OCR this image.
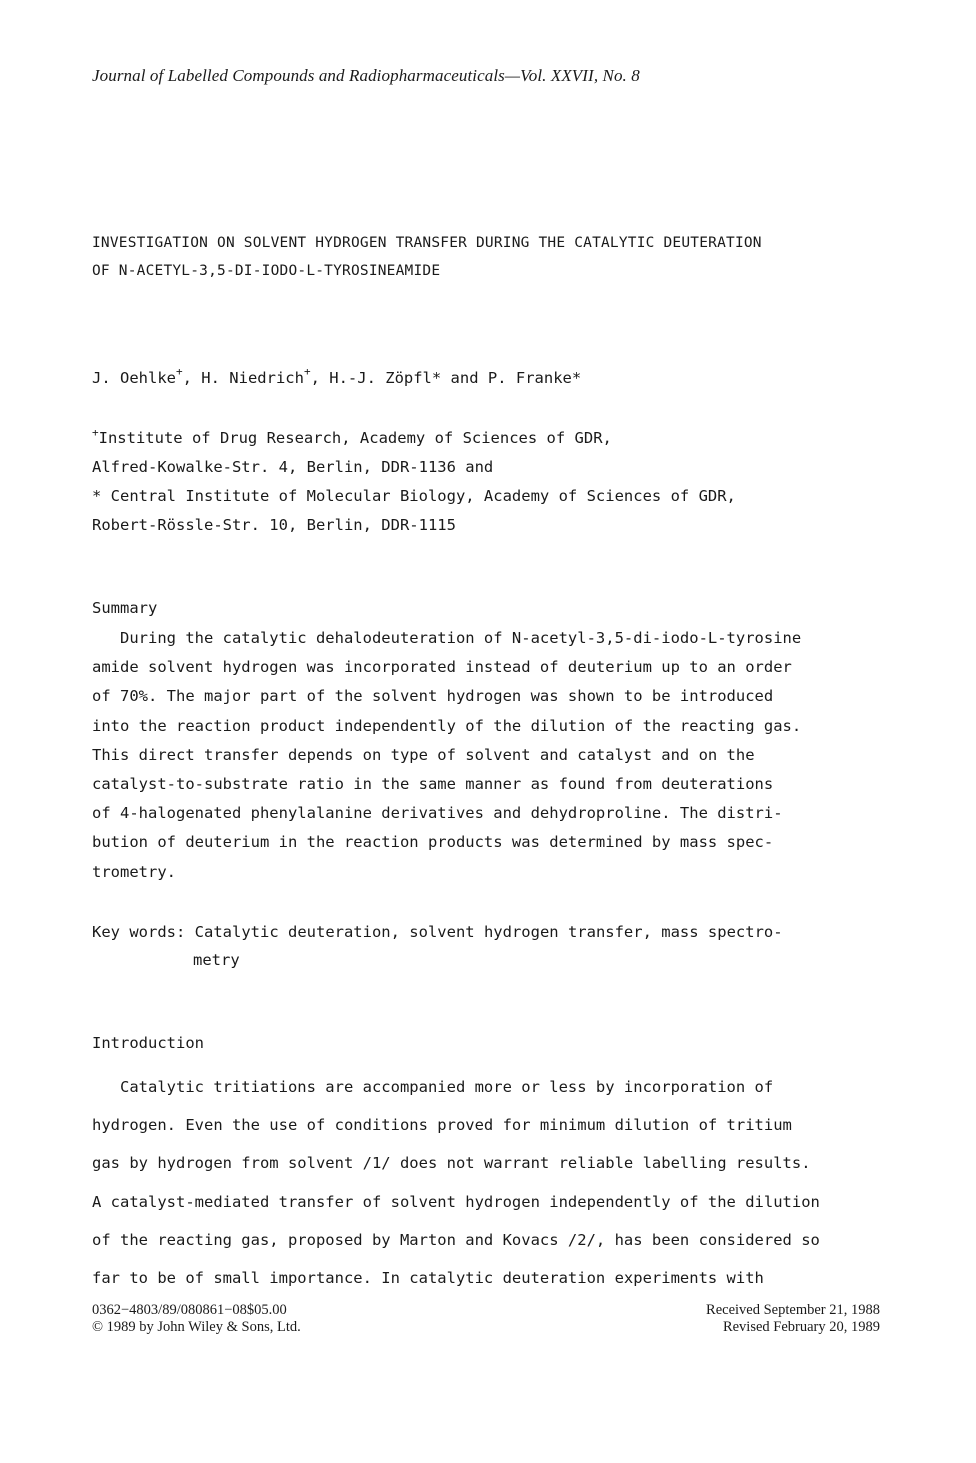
Journal of Labelled Compounds and Radiopharmaceuticals—Vol. XXVII, No. 8
INVESTIGATION ON SOLVENT HYDROGEN TRANSFER DURING THE CATALYTIC DEUTERATION
OF N-ACETYL-3,5-DI-IODO-L-TYROSINEAMIDE
J. Oehlke+, H. Niedrich+, H.-J. Zöpfl* and P. Franke*
+Institute of Drug Research, Academy of Sciences of GDR,
Alfred-Kowalke-Str. 4, Berlin, DDR-1136 and
* Central Institute of Molecular Biology, Academy of Sciences of GDR,
Robert-Rössle-Str. 10, Berlin, DDR-1115
Summary
During the catalytic dehalodeuteration of N-acetyl-3,5-di-iodo-L-tyrosine
amide solvent hydrogen was incorporated instead of deuterium up to an order
of 70%. The major part of the solvent hydrogen was shown to be introduced
into the reaction product independently of the dilution of the reacting gas.
This direct transfer depends on type of solvent and catalyst and on the
catalyst-to-substrate ratio in the same manner as found from deuterations
of 4-halogenated phenylalanine derivatives and dehydroproline. The distri-
bution of deuterium in the reaction products was determined by mass spec-
trometry.
Key words: Catalytic deuteration, solvent hydrogen transfer, mass spectro-
metry
Introduction
Catalytic tritiations are accompanied more or less by incorporation of
hydrogen. Even the use of conditions proved for minimum dilution of tritium
gas by hydrogen from solvent /1/ does not warrant reliable labelling results.
A catalyst-mediated transfer of solvent hydrogen independently of the dilution
of the reacting gas, proposed by Marton and Kovacs /2/, has been considered so
far to be of small importance. In catalytic deuteration experiments with
0362−4803/89/080861−08$05.00
© 1989 by John Wiley & Sons, Ltd.
Received September 21, 1988
Revised February 20, 1989
